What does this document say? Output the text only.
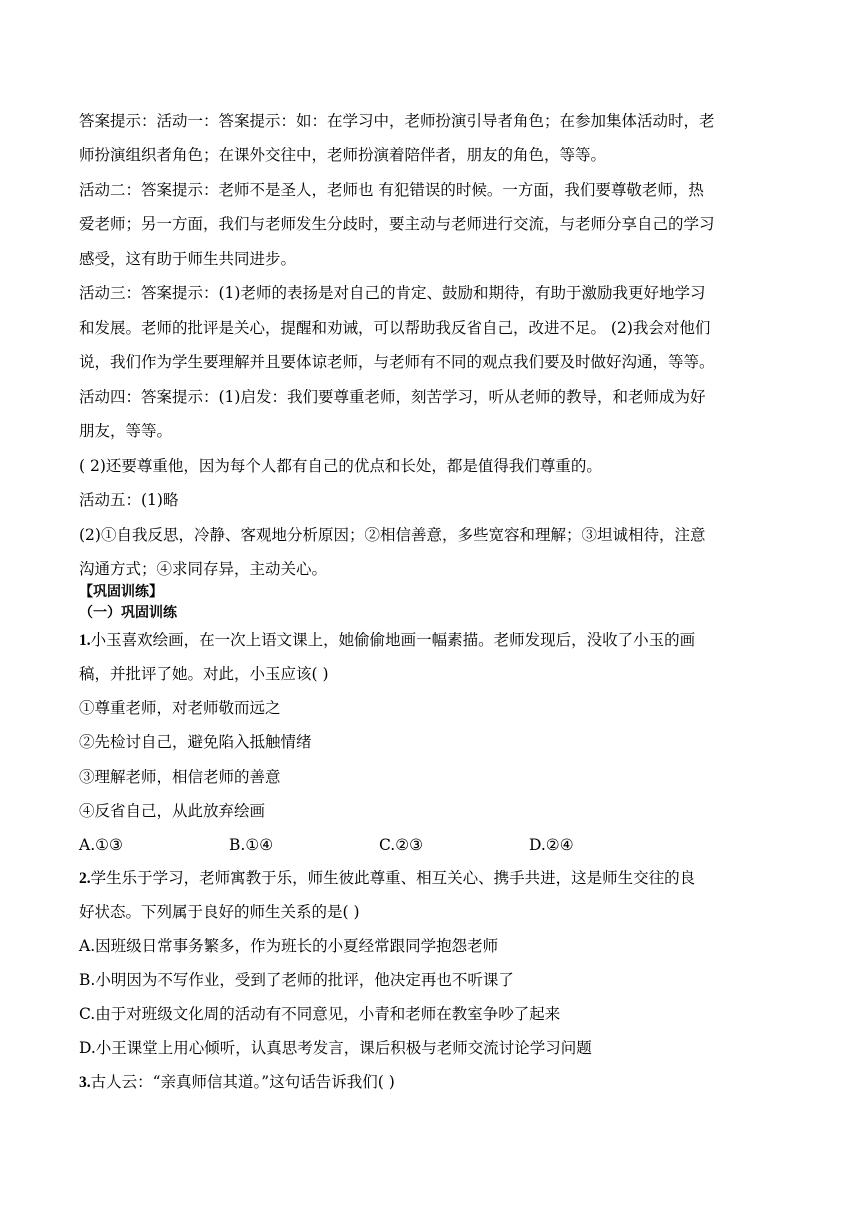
答案提示：活动一：答案提示：如：在学习中，老师扮演引导者角色；在参加集体活动时，老
师扮演组织者角色；在课外交往中，老师扮演着陪伴者，朋友的角色，等等。
活动二：答案提示：老师不是圣人，老师也 有犯错误的时候。一方面，我们要尊敬老师，热
爱老师；另一方面，我们与老师发生分歧时，要主动与老师进行交流，与老师分享自己的学习
感受，这有助于师生共同进步。
活动三：答案提示：(1)老师的表扬是对自己的肯定、鼓励和期待，有助于激励我更好地学习
和发展。老师的批评是关心，提醒和劝诫，可以帮助我反省自己，改进不足。 (2)我会对他们
说，我们作为学生要理解并且要体谅老师，与老师有不同的观点我们要及时做好沟通，等等。
活动四：答案提示：(1)启发：我们要尊重老师，刻苦学习，听从老师的教导，和老师成为好
朋友，等等。
( 2)还要尊重他，因为每个人都有自己的优点和长处，都是值得我们尊重的。
活动五：(1)略
(2)①自我反思，冷静、客观地分析原因；②相信善意，多些宽容和理解；③坦诚相待，注意
沟通方式；④求同存异，主动关心。
【巩固训练】
（一）巩固训练
1.小玉喜欢绘画，在一次上语文课上，她偷偷地画一幅素描。老师发现后，没收了小玉的画
稿，并批评了她。对此，小玉应该( )
①尊重老师，对老师敬而远之
②先检讨自己，避免陷入抵触情绪
③理解老师，相信老师的善意
④反省自己，从此放弃绘画
A.①③	B.①④	C.②③	D.②④
2.学生乐于学习，老师寓教于乐，师生彼此尊重、相互关心、携手共进，这是师生交往的良
好状态。下列属于良好的师生关系的是( )
A.因班级日常事务繁多，作为班长的小夏经常跟同学抱怨老师
B.小明因为不写作业，受到了老师的批评，他决定再也不听课了
C.由于对班级文化周的活动有不同意见，小青和老师在教室争吵了起来
D.小王课堂上用心倾听，认真思考发言，课后积极与老师交流讨论学习问题
3.古人云：“亲真师信其道。”这句话告诉我们( )
